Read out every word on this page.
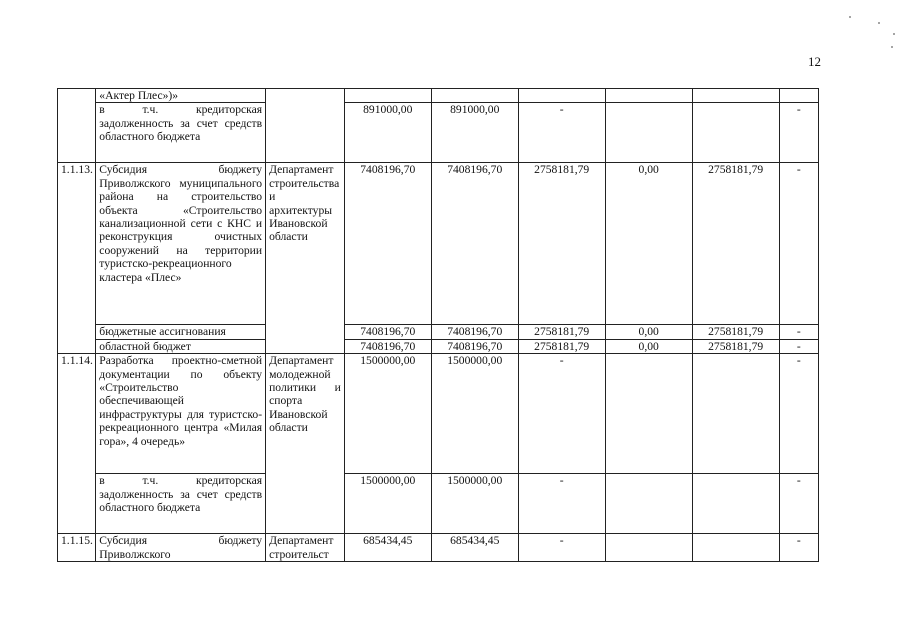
12
	«Актер Плес»)»							
	в т.ч. кредиторская задолженность за счет средств областного бюджета		891000,00	891000,00	-			-
1.1.13.	Субсидия бюджету Приволжского муниципального района на строительство объекта «Строительство канализационной сети с КНС и реконструкция очистных сооружений на территории туристско-рекреационного кластера «Плес»	Департамент строительства и архитектуры Ивановской области	7408196,70	7408196,70	2758181,79	0,00	2758181,79	-
	бюджетные ассигнования		7408196,70	7408196,70	2758181,79	0,00	2758181,79	-
	областной бюджет		7408196,70	7408196,70	2758181,79	0,00	2758181,79	-
1.1.14.	Разработка проектно-сметной документации по объекту «Строительство обеспечивающей инфраструктуры для туристско-рекреационного центра «Милая гора», 4 очередь»	Департамент молодежной политики и спорта Ивановской области	1500000,00	1500000,00	-			-
	в т.ч. кредиторская задолженность за счет средств областного бюджета		1500000,00	1500000,00	-			-
1.1.15.	Субсидия бюджету Приволжского	Департамент строительст	685434,45	685434,45	-			-
